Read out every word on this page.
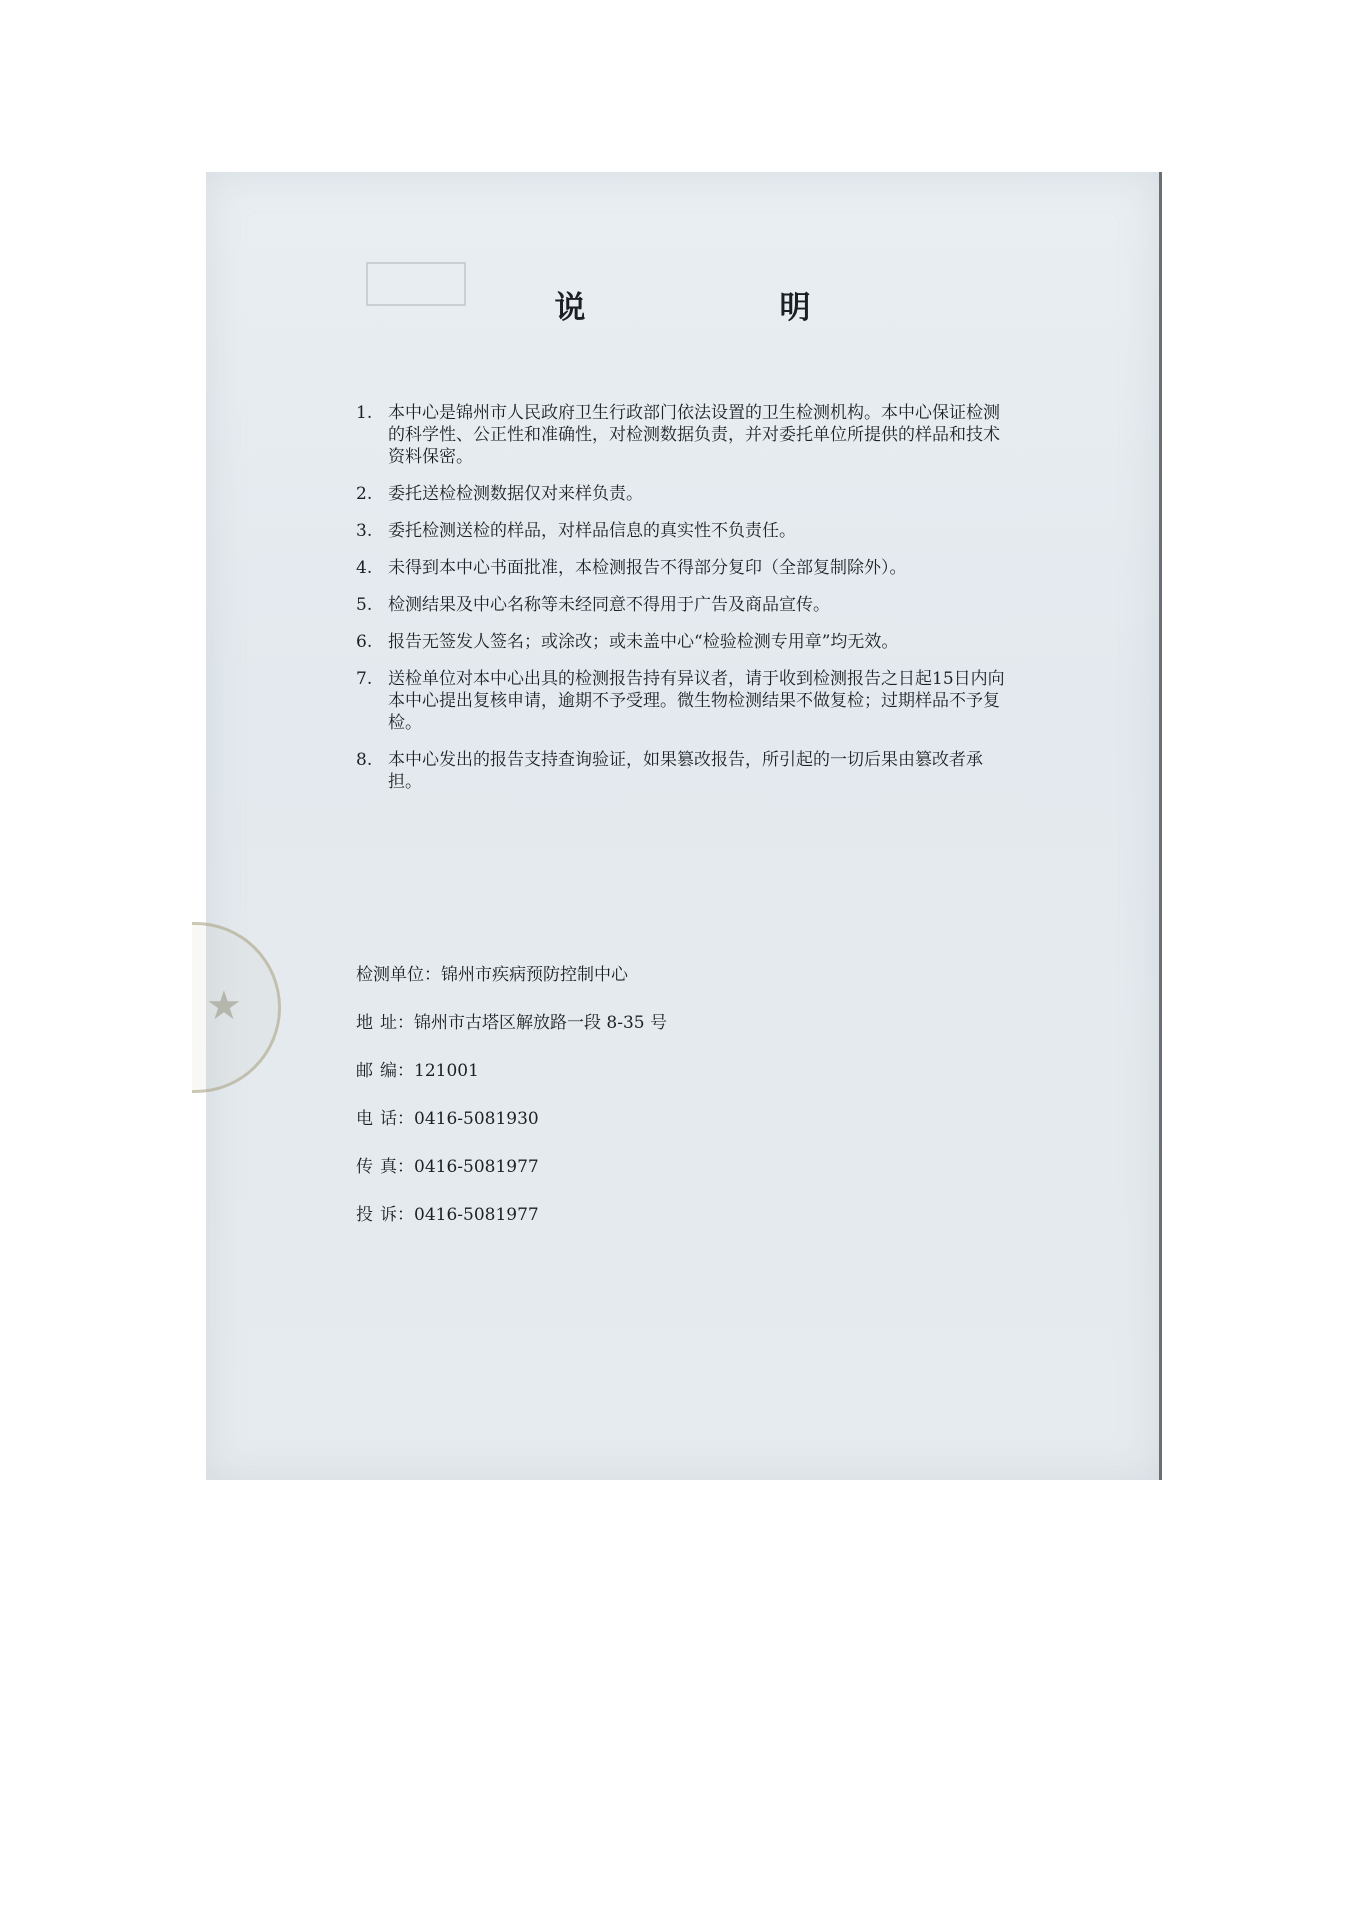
说　　明
1. 本中心是锦州市人民政府卫生行政部门依法设置的卫生检测机构。本中心保证检测的科学性、公正性和准确性，对检测数据负责，并对委托单位所提供的样品和技术资料保密。
2. 委托送检检测数据仅对来样负责。
3. 委托检测送检的样品，对样品信息的真实性不负责任。
4. 未得到本中心书面批准，本检测报告不得部分复印（全部复制除外）。
5. 检测结果及中心名称等未经同意不得用于广告及商品宣传。
6. 报告无签发人签名；或涂改；或未盖中心“检验检测专用章”均无效。
7. 送检单位对本中心出具的检测报告持有异议者，请于收到检测报告之日起15日内向本中心提出复核申请，逾期不予受理。微生物检测结果不做复检；过期样品不予复检。
8. 本中心发出的报告支持查询验证，如果篡改报告，所引起的一切后果由篡改者承担。
★
检测单位： 锦州市疾病预防控制中心
地 址： 锦州市古塔区解放路一段 8-35 号
邮 编： 121001
电 话： 0416-5081930
传 真： 0416-5081977
投 诉： 0416-5081977
